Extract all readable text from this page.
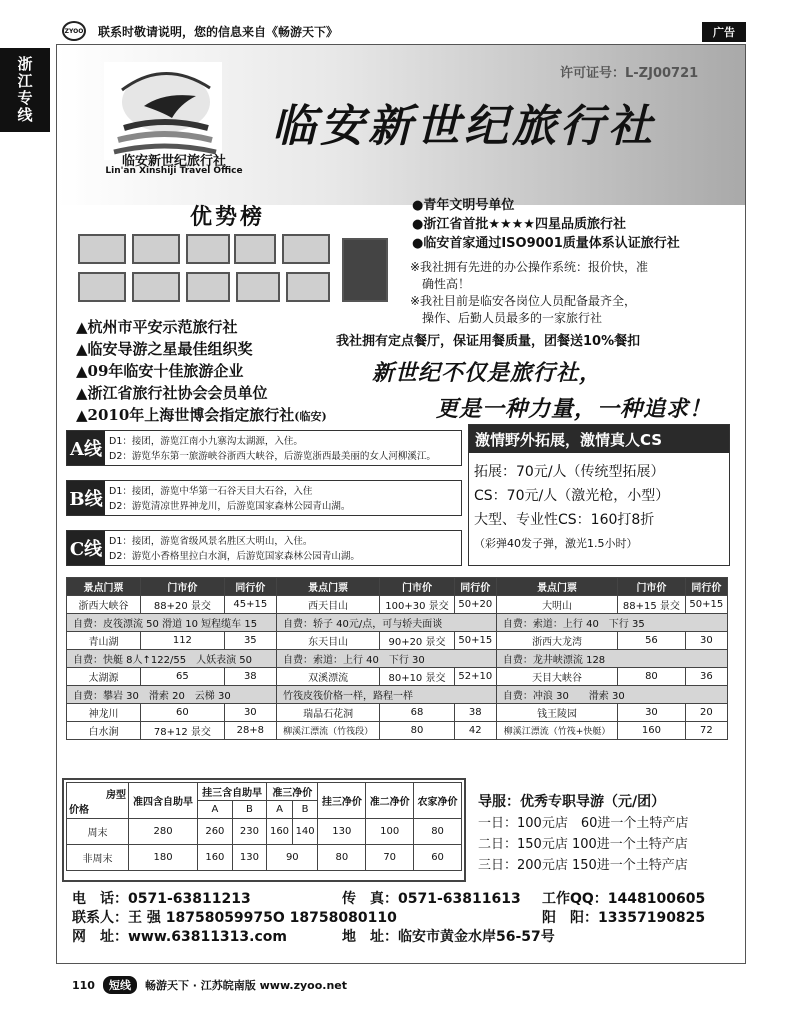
ZYOO 联系时敬请说明，您的信息来自《畅游天下》	广告
浙江专线
临安新世纪旅行社
Lin'an Xinshiji Travel Office
许可证号：L-ZJ00721
临安新世纪旅行社
优势榜
▲杭州市平安示范旅行社
▲临安导游之星最佳组织奖
▲09年临安十佳旅游企业
▲浙江省旅行社协会会员单位
▲2010年上海世博会指定旅行社(临安)
●青年文明号单位
●浙江省首批★★★★四星品质旅行社
●临安首家通过ISO9001质量体系认证旅行社
※我社拥有先进的办公操作系统：报价快，准
　确性高！
※我社目前是临安各岗位人员配备最齐全，
　操作、后勤人员最多的一家旅行社
我社拥有定点餐厅，保证用餐质量，团餐送10%餐扣
新世纪不仅是旅行社，
更是一种力量，一种追求！
A线 D1：接团，游览江南小九寨沟太湖源，入住。
D2：游览华东第一旅游峡谷浙西大峡谷，后游览浙西最美丽的女人河柳溪江。
B线 D1：接团，游览中华第一石谷天目大石谷，入住
D2：游览清凉世界神龙川，后游览国家森林公园青山湖。
C线 D1：接团，游览省级风景名胜区大明山，入住。
D2：游览小香格里拉白水涧，后游览国家森林公园青山湖。
激情野外拓展，激情真人CS
拓展：70元/人（传统型拓展）
CS：70元/人（激光枪，小型）
大型、专业性CS：160打8折
（彩弹40发子弹，激光1.5小时）
景点门票	门市价	同行价	景点门票	门市价	同行价	景点门票	门市价	同行价
浙西大峡谷	88+20 景交	45+15	西天目山	100+30 景交	50+20	大明山	88+15 景交	50+15
自费：皮筏漂流 50 滑道 10 短程缆车 15			自费：轿子 40元/点，可与轿夫面谈			自费：索道：上行 40　下行 35		
青山湖	112	35	东天目山	90+20 景交	50+15	浙西大龙湾	56	30
自费：快艇 8人↑122/55　人妖表演 50			自费：索道：上行 40　下行 30			自费：龙井峡漂流 128		
太湖源	65	38	双溪漂流	80+10 景交	52+10	天目大峡谷	80	36
自费：攀岩 30　滑索 20　云梯 30			竹筏皮筏价格一样，路程一样			自费：冲浪 30　　滑索 30		
神龙川	60	30	瑞晶石花洞	68	38	钱王陵园	30	20
白水涧	78+12 景交	28+8	柳溪江漂流（竹筏段）	80	42	柳溪江漂流（竹筏+快艇）	160	72
房型
价格	准四含自助早	挂三含自助早		准三净价		挂三净价	准二净价	农家净价
		A	B	A	B			
周末	280	260	230	160	140	130	100	80
非周末	180	160	130	90		80	70	60
导服：优秀专职导游（元/团）
一日：100元店　60进一个土特产店
二日：150元店 100进一个土特产店
三日：200元店 150进一个土特产店
电　话：0571-63811213	传　真：0571-63811613	工作QQ：1448100605
联系人：王 强 18758059975O 18758080110	阳　阳：13357190825
网　址：www.63811313.com	地　址：临安市黄金水岸56-57号
110	短线	畅游天下 · 江苏皖南版 www.zyoo.net
